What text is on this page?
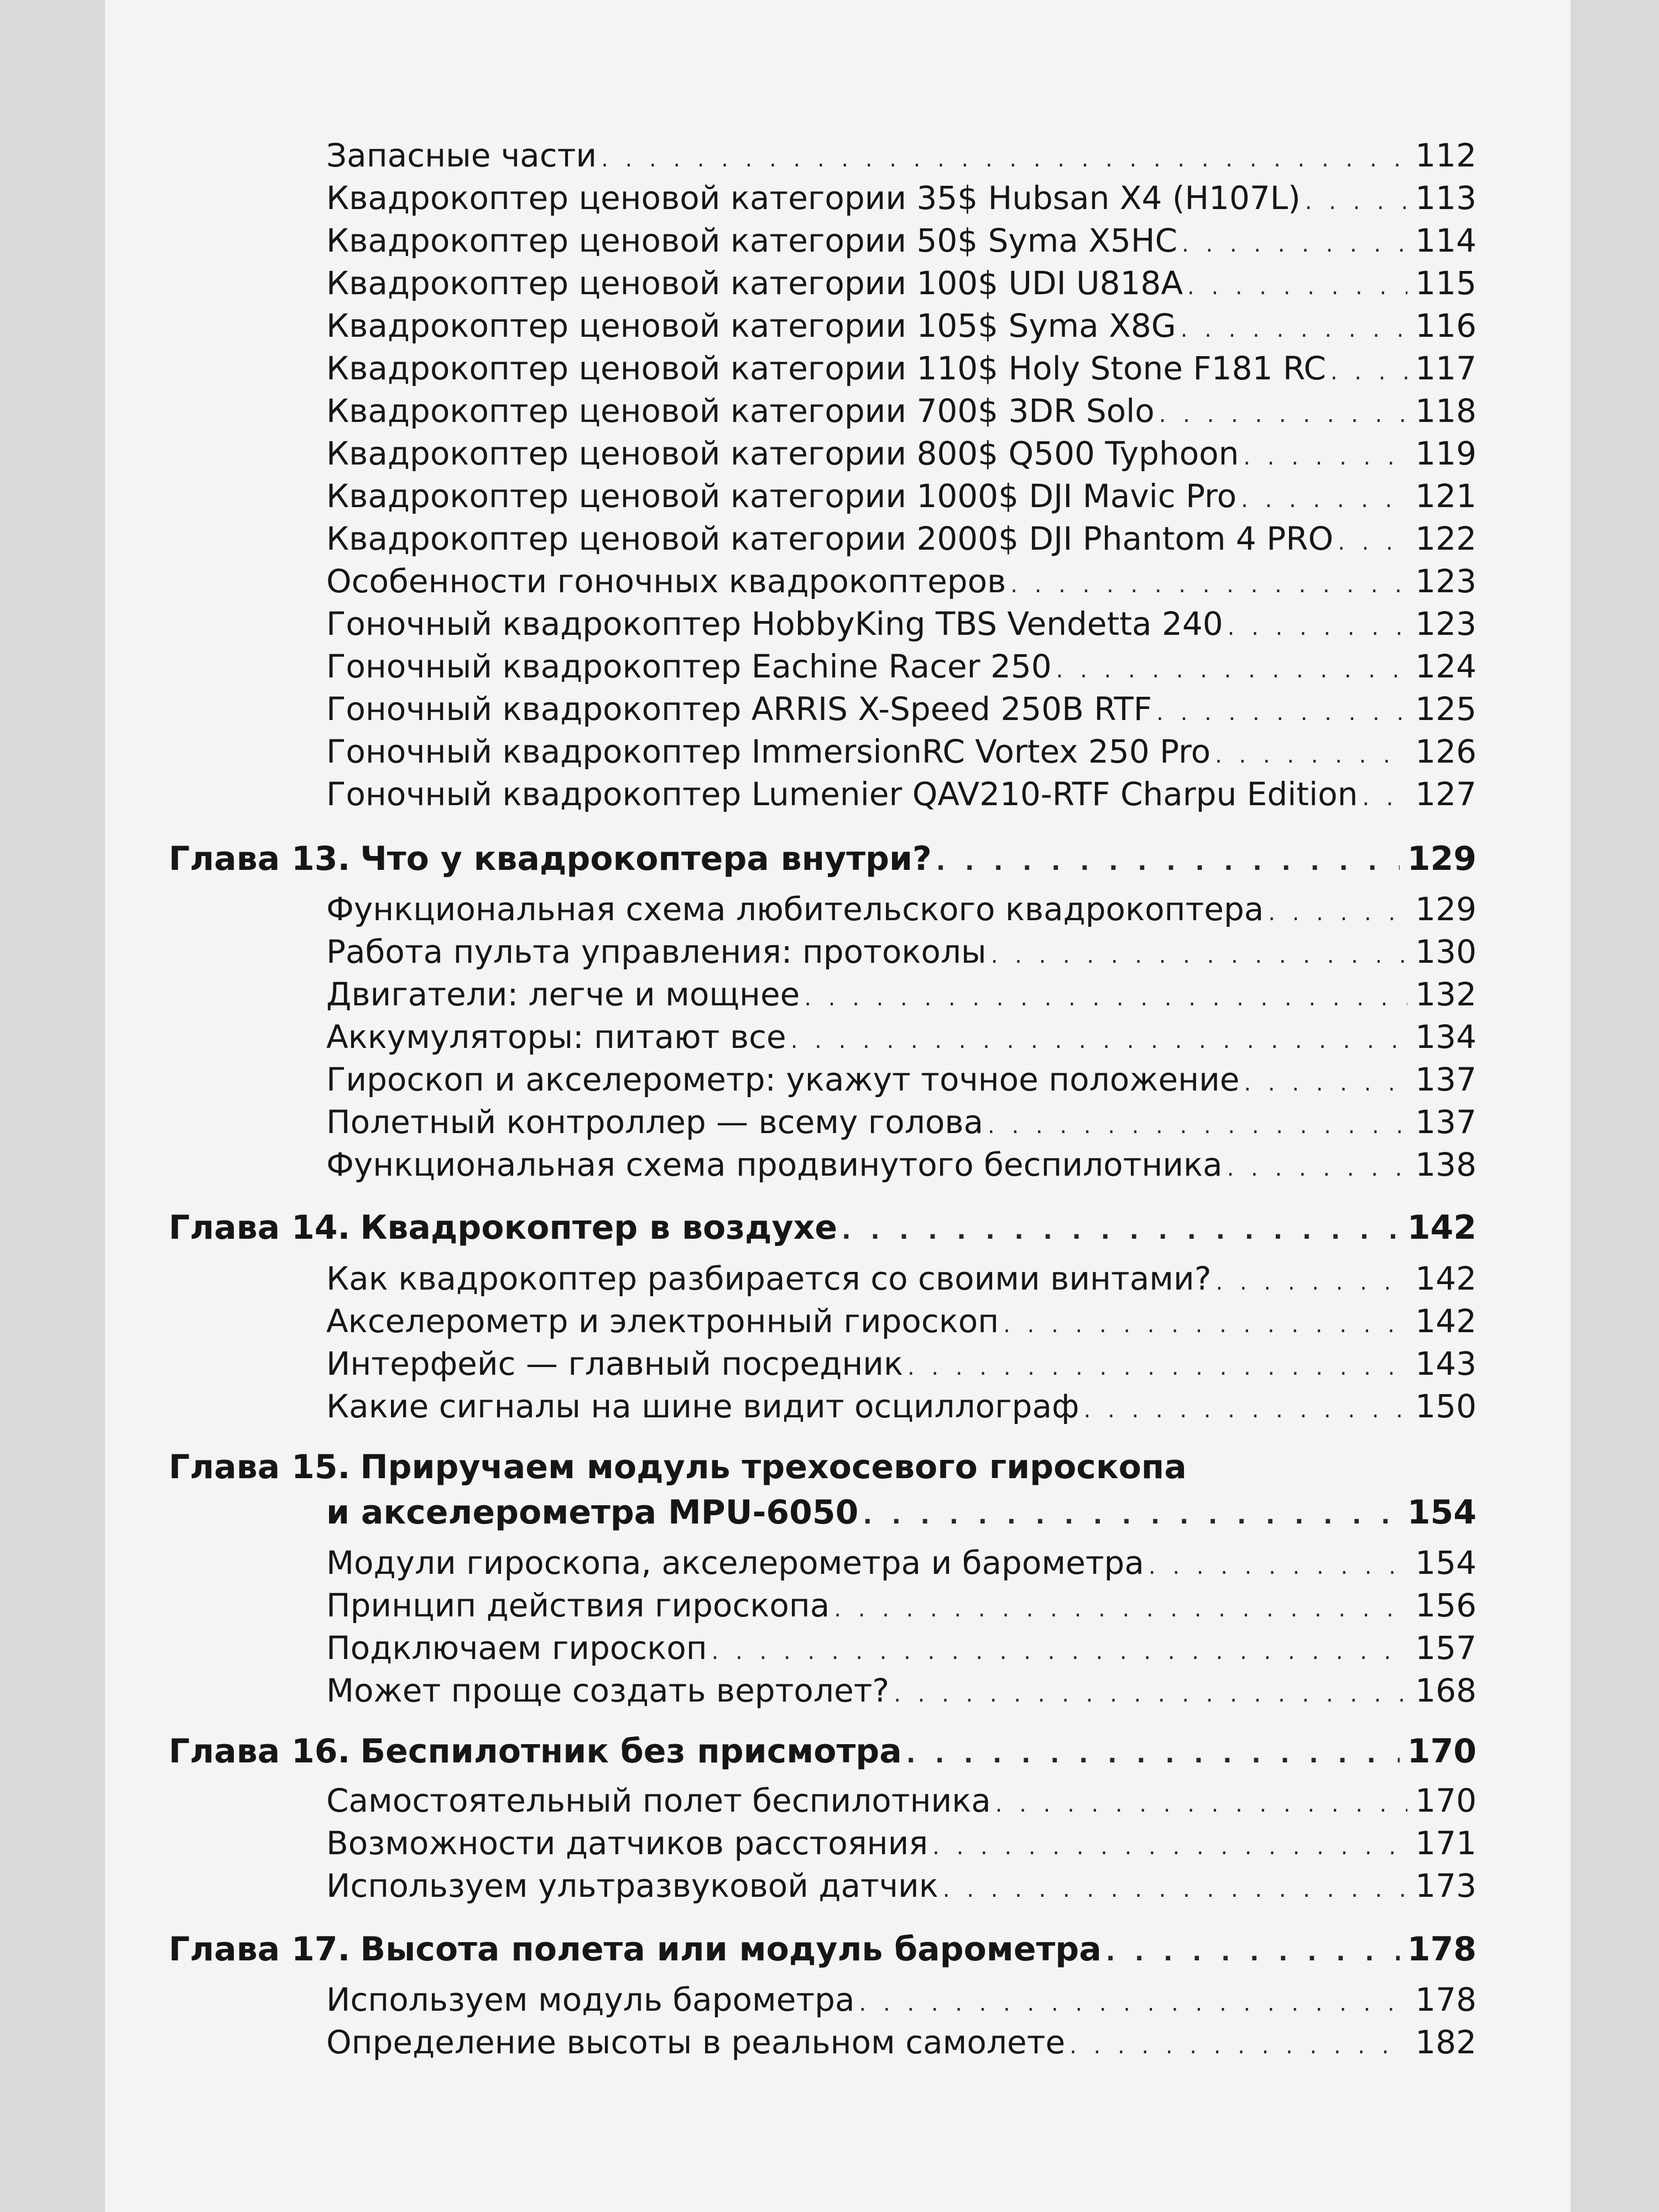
Запасные части . . .	112
Квадрокоптер ценовой категории 35$ Hubsan X4 (H107L) . . .	113
Квадрокоптер ценовой категории 50$ Syma X5HC . . .	114
Квадрокоптер ценовой категории 100$ UDI U818A . . .	115
Квадрокоптер ценовой категории 105$ Syma X8G . . .	116
Квадрокоптер ценовой категории 110$ Holy Stone F181 RC . . .	117
Квадрокоптер ценовой категории 700$ 3DR Solo . . .	118
Квадрокоптер ценовой категории 800$ Q500 Typhoon . . .	119
Квадрокоптер ценовой категории 1000$ DJI Mavic Pro . . .	121
Квадрокоптер ценовой категории 2000$ DJI Phantom 4 PRO . . .	122
Особенности гоночных квадрокоптеров . . .	123
Гоночный квадрокоптер HobbyKing TBS Vendetta 240 . . .	123
Гоночный квадрокоптер Eachine Racer 250 . . .	124
Гоночный квадрокоптер ARRIS X-Speed 250B RTF . . .	125
Гоночный квадрокоптер ImmersionRC Vortex 250 Pro . . .	126
Гоночный квадрокоптер Lumenier QAV210-RTF Charpu Edition . . . 127
Глава 13. Что у квадрокоптера внутри? . . .	129
Функциональная схема любительского квадрокоптера . . .	129
Работа пульта управления: протоколы . . .	130
Двигатели: легче и мощнее . . .	132
Аккумуляторы: питают все . . .	134
Гироскоп и акселерометр: укажут точное положение . . .	137
Полетный контроллер — всему голова . . .	137
Функциональная схема продвинутого беспилотника . . .	138
Глава 14. Квадрокоптер в воздухе . . .	142
Как квадрокоптер разбирается со своими винтами? . . .	142
Акселерометр и электронный гироскоп . . .	142
Интерфейс — главный посредник . . .	143
Какие сигналы на шине видит осциллограф . . .	150
Глава 15. Приручаем модуль трехосевого гироскопа
и акселерометра MPU-6050 . . .	154
Модули гироскопа, акселерометра и барометра . . .	154
Принцип действия гироскопа . . .	156
Подключаем гироскоп . . .	157
Может проще создать вертолет? . . .	168
Глава 16. Беспилотник без присмотра . . .	170
Самостоятельный полет беспилотника . . .	170
Возможности датчиков расстояния . . .	171
Используем ультразвуковой датчик . . .	173
Глава 17. Высота полета или модуль барометра . . .	178
Используем модуль барометра . . .	178
Определение высоты в реальном самолете . . .	182
